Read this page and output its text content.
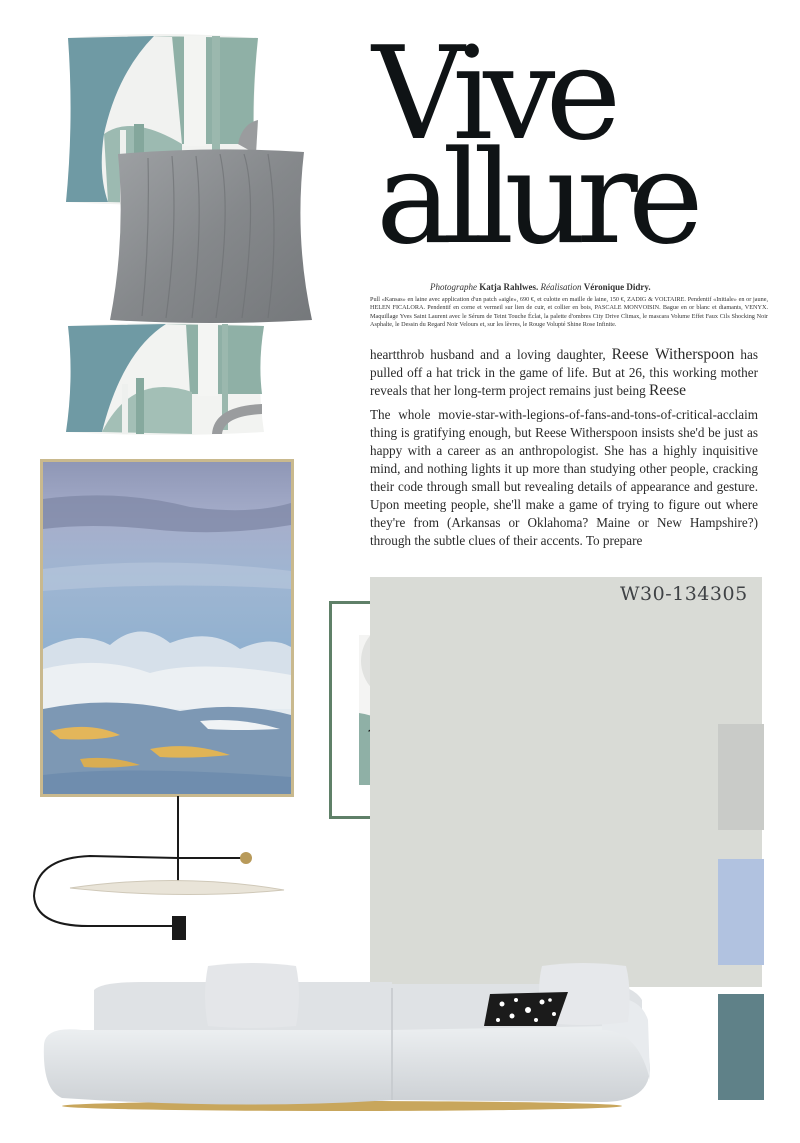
Vive
allure
Photographe Katja Rahlwes. Réalisation Véronique Didry.
Pull «Kansas» en laine avec application d'un patch «aigle», 690 €, et culotte en maille de laine, 150 €, ZADIG & VOLTAIRE. Pendentif «Initiale» en or jaune, HELEN FICALORA. Pendentif en corne et vermeil sur lien de cuir, et collier en bois, PASCALE MONVOISIN. Bague en or blanc et diamants, VENYX. Maquillage Yves Saint Laurent avec le Sérum de Teint Touche Éclat, la palette d'ombres City Drive Climax, le mascara Volume Effet Faux Cils Shocking Noir Asphalte, le Dessin du Regard Noir Velours et, sur les lèvres, le Rouge Volupté Shine Rose Infinite.

heartthrob husband and a loving daughter, Reese Witherspoon has pulled off a hat trick in the game of life. But at 26, this working mother reveals that her long-term project remains just being Reese

The whole movie-star-with-legions-of-fans-and-tons-of-critical-acclaim thing is gratifying enough, but Reese Witherspoon insists she'd be just as happy with a career as an anthropologist. She has a highly inquisitive mind, and nothing lights it up more than studying other people, cracking their code through small but revealing details of appearance and gesture. Upon meeting people, she'll make a game of trying to figure out where they're from (Arkansas or Oklahoma? Maine or New Hampshire?) through the subtle clues of their accents. To prepare

W30-134305
